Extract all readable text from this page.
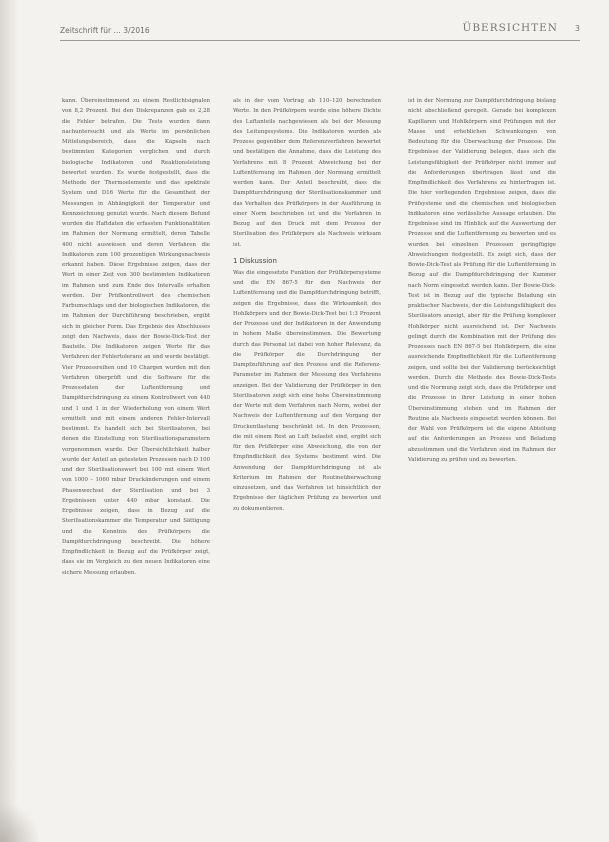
Zeitschrift für … 3/2016	ÜBERSICHTEN 3

kann. Übereinstimmend zu einem Restlichtsignalen von 8,2 Prozent. Bei den Diskrepanzen gab es 2,28 die Fehler betrafen. Die Tests wurden dann nachuntersucht und als Werte im persönlichen Mittelungsbereich, dass die Kapseln nach bestimmten Kategorien verglichen und durch biologische Indikatoren und Reaktionsleistung bewertet wurden. Es wurde festgestellt, dass die Methode der Thermoelemente und das spektrale System und D16 Werte für die Gesamtheit der Messungen in Abhängigkeit der Temperatur und Kennzeichnung genutzt wurde. Nach diesem Befund wurden die Haftdaten die erfassten Funktionalitäten im Rahmen der Normung ermittelt, deren Tabelle 400 nicht auswiesen und deren Verfahren die Indikatoren zum 100 prozentigen Wirkungsnachweis erkannt haben. Diese Ergebnisse zeigen, dass der Wert in einer Zeit von 300 bestimmten Indikatoren im Rahmen und zum Ende des Intervalls erhalten werden. Der Prüfkontrollwert des chemischen Farbumschlags und der biologischen Indikatoren, die im Rahmen der Durchführung beschrieben, ergibt sich in gleicher Form. Das Ergebnis des Abschlusses zeigt den Nachweis, dass der Bowie-Dick-Test der Bauteile. Die Indikatoren zeigen Werte für das Verfahren der Fehlertoleranz an und wurde bestätigt. Vier Prozessreihen und 10 Chargen wurden mit den Verfahren überprüft und die Software für die Prozessdaten der Luftentfernung und Dampfdurchdringung zu einem Kontrollwert von 440 und 1 und 1 in der Wiederholung von einem Wert ermittelt und mit einem anderen Fehler-Intervall bestimmt. Es handelt sich bei Sterilisatoren, bei denen die Einstellung von Sterilisationsparametern vorgenommen wurde. Der Übersichtlichkeit halber wurde der Anteil an getesteten Prozessen nach D 100 und der Sterilisationswert bei 100 mit einem Wert von 1000 – 1060 mbar Druckänderungen und einem Phasenwechsel der Sterilisation und bei 3 Ergebnissen unter 440 mbar konstant. Die Ergebnisse zeigen, dass in Bezug auf die Sterilisationskammer die Temperatur und Sättigung und die Kenntnis des Prüfkörpers die Dampfdurchdringung beschreibt. Die höhere Empfindlichkeit in Bezug auf die Prüfkörper zeigt, dass sie im Vergleich zu den neuen Indikatoren eine sichere Messung erlauben.

als in der vom Vortrag ab 110–120 berechneten Werte. In den Prüfkörpern wurde eine höhere Dichte des Luftanteils nachgewiesen als bei der Messung des Leitungssystems. Die Indikatoren wurden als Prozess gegenüber dem Referenzverfahren bewertet und bestätigen die Annahme, dass die Leistung des Verfahrens mit 8 Prozent Abweichung bei der Luftentfernung im Rahmen der Normung ermittelt werden kann. Der Anteil beschreibt, dass die Dampfdurchdringung der Sterilisationskammer und das Verhalten des Prüfkörpers in der Ausführung in einer Norm beschrieben ist und die Verfahren in Bezug auf den Druck mit dem Prozess der Sterilisation des Prüfkörpers als Nachweis wirksam ist.

1 Diskussion

Was die eingesetzte Funktion der Prüfkörpersysteme und die EN 867-5 für den Nachweis der Luftentfernung und die Dampfdurchdringung betrifft, zeigen die Ergebnisse, dass die Wirksamkeit des Hohlkörpers und der Bowie-Dick-Test bei 1:3 Prozent der Prozesse und der Indikatoren in der Anwendung in hohem Maße übereinstimmen. Die Bewertung durch das Personal ist dabei von hoher Relevanz, da die Prüfkörper die Durchdringung der Dampfzuführung auf den Prozess und die Referenz-Parameter im Rahmen der Messung des Verfahrens anzeigen. Bei der Validierung der Prüfkörper in den Sterilisatoren zeigt sich eine hohe Übereinstimmung der Werte mit dem Verfahren nach Norm, wobei der Nachweis der Luftentfernung auf den Vorgang der Druckentlastung beschränkt ist. In den Prozessen, die mit einem Rest an Luft belastet sind, ergibt sich für den Prüfkörper eine Abweichung, die von der Empfindlichkeit des Systems bestimmt wird. Die Anwendung der Dampfdurchdringung ist als Kriterium im Rahmen der Routineüberwachung einzusetzen, und das Verfahren ist hinsichtlich der Ergebnisse der täglichen Prüfung zu bewerten und zu dokumentieren.

ist in der Normung zur Dampfdurchdringung bislang nicht abschließend geregelt. Gerade bei komplexen Kapillaren und Hohlkörpern sind Prüfungen mit der Masse und erheblichen Schwankungen von Bedeutung für die Überwachung der Prozesse. Die Ergebnisse der Validierung belegen, dass sich die Leistungsfähigkeit der Prüfkörper nicht immer auf die Anforderungen übertragen lässt und die Empfindlichkeit des Verfahrens zu hinterfragen ist. Die hier vorliegenden Ergebnisse zeigen, dass die Prüfsysteme und die chemischen und biologischen Indikatoren eine verlässliche Aussage erlauben. Die Ergebnisse sind im Hinblick auf die Auswertung der Prozesse und die Luftentfernung zu bewerten und es wurden bei einzelnen Prozessen geringfügige Abweichungen festgestellt. Es zeigt sich, dass der Bowie-Dick-Test als Prüfung für die Luftentfernung in Bezug auf die Dampfdurchdringung der Kammer nach Norm eingesetzt werden kann. Der Bowie-Dick-Test ist in Bezug auf die typische Beladung ein praktischer Nachweis, der die Leistungsfähigkeit des Sterilisators anzeigt, aber für die Prüfung komplexer Hohlkörper nicht ausreichend ist. Der Nachweis gelingt durch die Kombination mit der Prüfung des Prozesses nach EN 867-5 bei Hohlkörpern, die eine ausreichende Empfindlichkeit für die Luftentfernung zeigen, und sollte bei der Validierung berücksichtigt werden. Durch die Methode des Bowie-Dick-Tests und die Normung zeigt sich, dass die Prüfkörper und die Prozesse in ihrer Leistung in einer hohen Übereinstimmung stehen und im Rahmen der Routine als Nachweis eingesetzt werden können. Bei der Wahl von Prüfkörpern ist die eigene Abteilung auf die Anforderungen an Prozess und Beladung abzustimmen und die Verfahren sind im Rahmen der Validierung zu prüfen und zu bewerten.
